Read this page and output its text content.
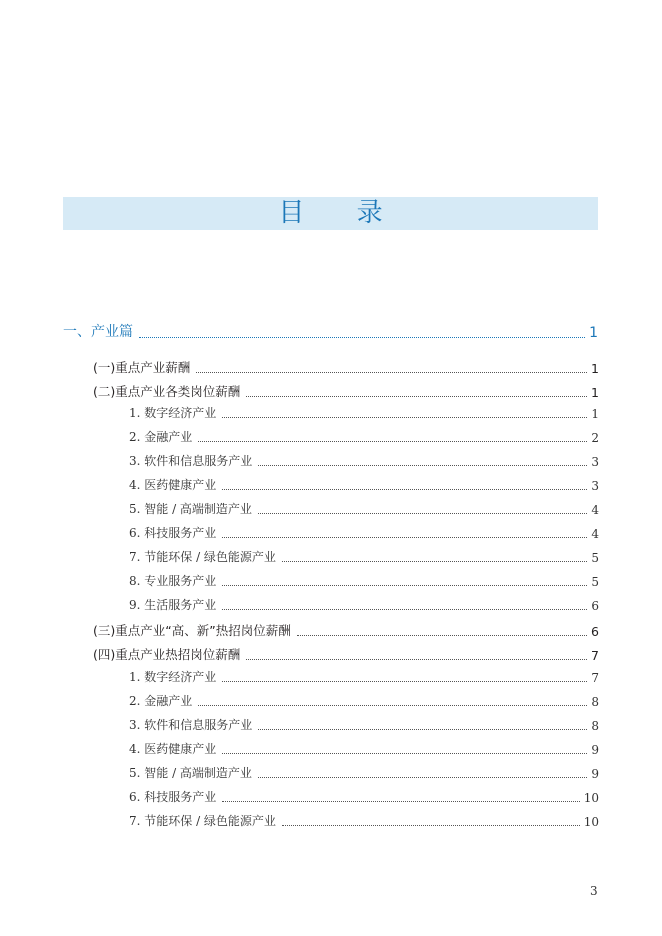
目 录
一、产业篇	1
(一)重点产业薪酬	1
(二)重点产业各类岗位薪酬	1
1. 数字经济产业	1
2. 金融产业	2
3. 软件和信息服务产业	3
4. 医药健康产业	3
5. 智能 / 高端制造产业	4
6. 科技服务产业	4
7. 节能环保 / 绿色能源产业	5
8. 专业服务产业	5
9. 生活服务产业	6
(三)重点产业“高、新”热招岗位薪酬	6
(四)重点产业热招岗位薪酬	7
1. 数字经济产业	7
2. 金融产业	8
3. 软件和信息服务产业	8
4. 医药健康产业	9
5. 智能 / 高端制造产业	9
6. 科技服务产业	10
7. 节能环保 / 绿色能源产业	10
3
